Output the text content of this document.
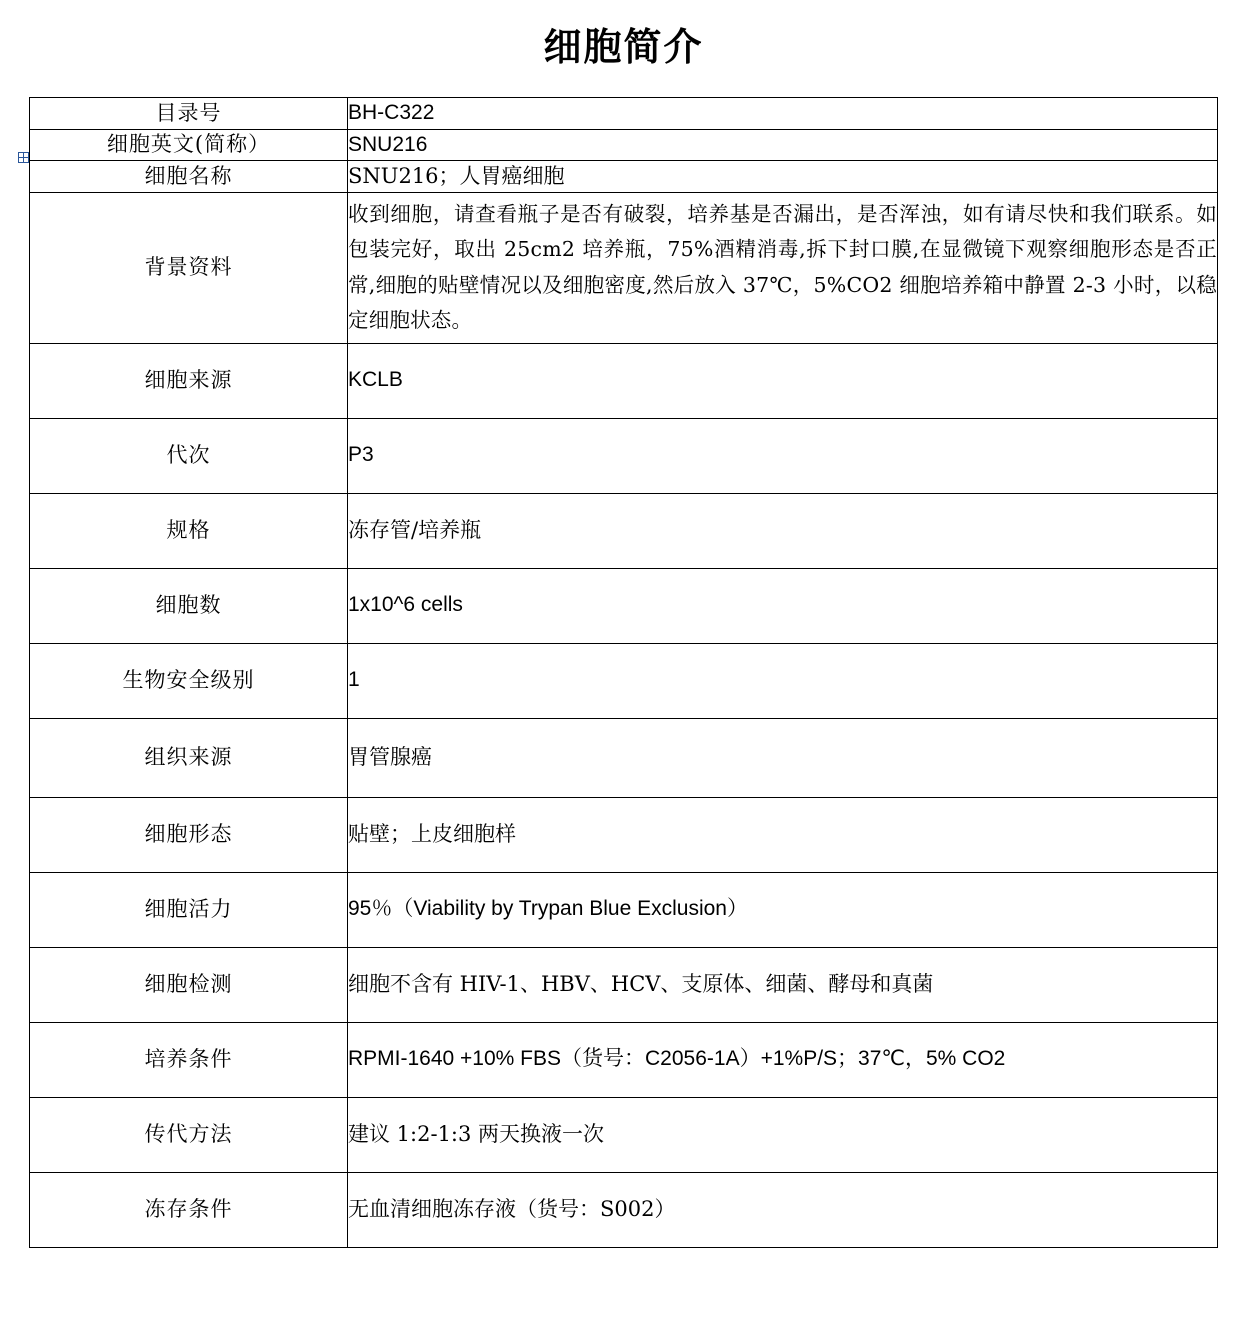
细胞简介
目录号	BH-C322
细胞英文(简称）	SNU216
细胞名称	SNU216；人胃癌细胞
背景资料	收到细胞，请查看瓶子是否有破裂，培养基是否漏出，是否浑浊，如有请尽快和我们联系。如包装完好，取出 25cm2 培养瓶，75%酒精消毒,拆下封口膜,在显微镜下观察细胞形态是否正常,细胞的贴壁情况以及细胞密度,然后放入 37℃，5%CO2 细胞培养箱中静置 2-3 小时，以稳定细胞状态。
细胞来源	KCLB
代次	P3
规格	冻存管/培养瓶
细胞数	1x10^6 cells
生物安全级别	1
组织来源	胃管腺癌
细胞形态	贴壁；上皮细胞样
细胞活力	95％（Viability by Trypan Blue Exclusion）
细胞检测	细胞不含有 HIV-1、HBV、HCV、支原体、细菌、酵母和真菌
培养条件	RPMI-1640 +10% FBS（货号：C2056-1A）+1%P/S；37℃，5% CO2
传代方法	建议 1:2-1:3 两天换液一次
冻存条件	无血清细胞冻存液（货号：S002）
